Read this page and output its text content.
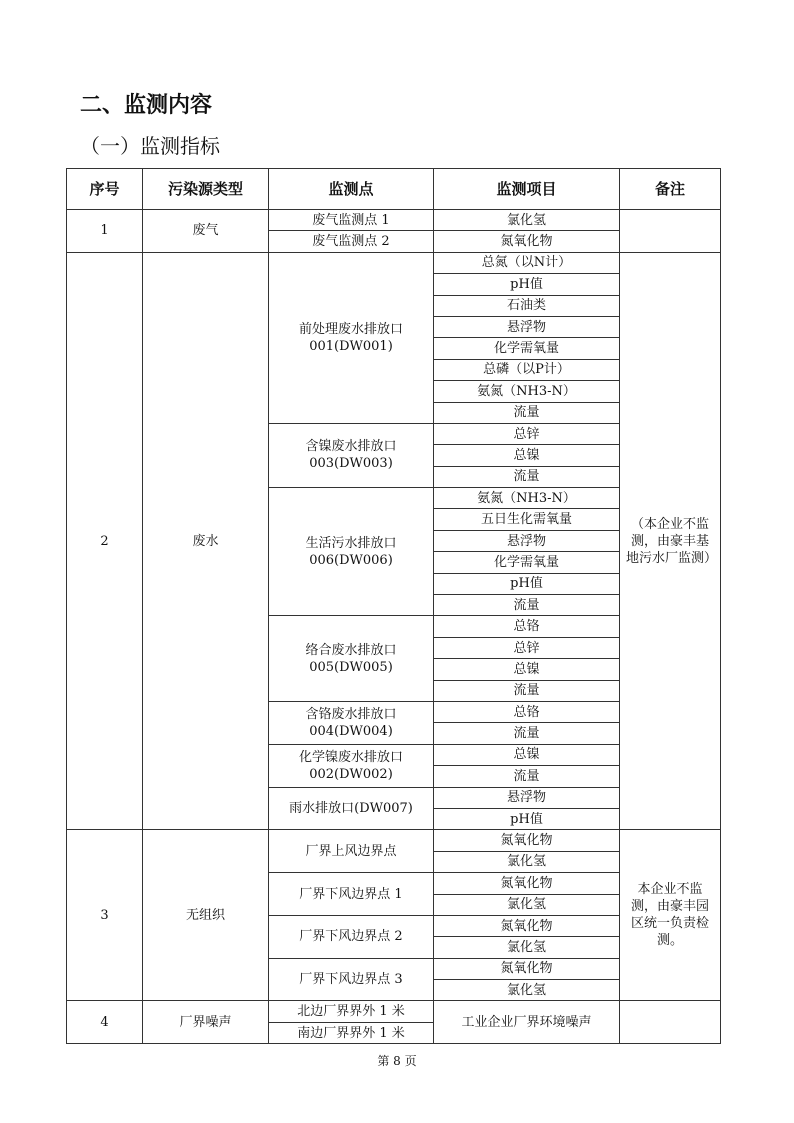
二、监测内容
（一）监测指标
序号	污染源类型	监测点	监测项目	备注
1	废气	废气监测点 1	氯化氢	
		废气监测点 2	氮氧化物	
2	废水	前处理废水排放口001(DW001)	总氮（以N计）	（本企业不监测，由豪丰基地污水厂监测）
			pH值	
			石油类	
			悬浮物	
			化学需氧量	
			总磷（以P计）	
			氨氮（NH3-N）	
			流量	
		含镍废水排放口003(DW003)	总锌	
			总镍	
			流量	
		生活污水排放口006(DW006)	氨氮（NH3-N）	
			五日生化需氧量	
			悬浮物	
			化学需氧量	
			pH值	
			流量	
		络合废水排放口005(DW005)	总铬	
			总锌	
			总镍	
			流量	
		含铬废水排放口004(DW004)	总铬	
			流量	
		化学镍废水排放口002(DW002)	总镍	
			流量	
		雨水排放口(DW007)	悬浮物	
			pH值	
3	无组织	厂界上风边界点	氮氧化物	本企业不监测，由豪丰园区统一负责检测。
			氯化氢	
		厂界下风边界点 1	氮氧化物	
			氯化氢	
		厂界下风边界点 2	氮氧化物	
			氯化氢	
		厂界下风边界点 3	氮氧化物	
			氯化氢	
4	厂界噪声	北边厂界界外 1 米	工业企业厂界环境噪声	
		南边厂界界外 1 米		
第 8 页
